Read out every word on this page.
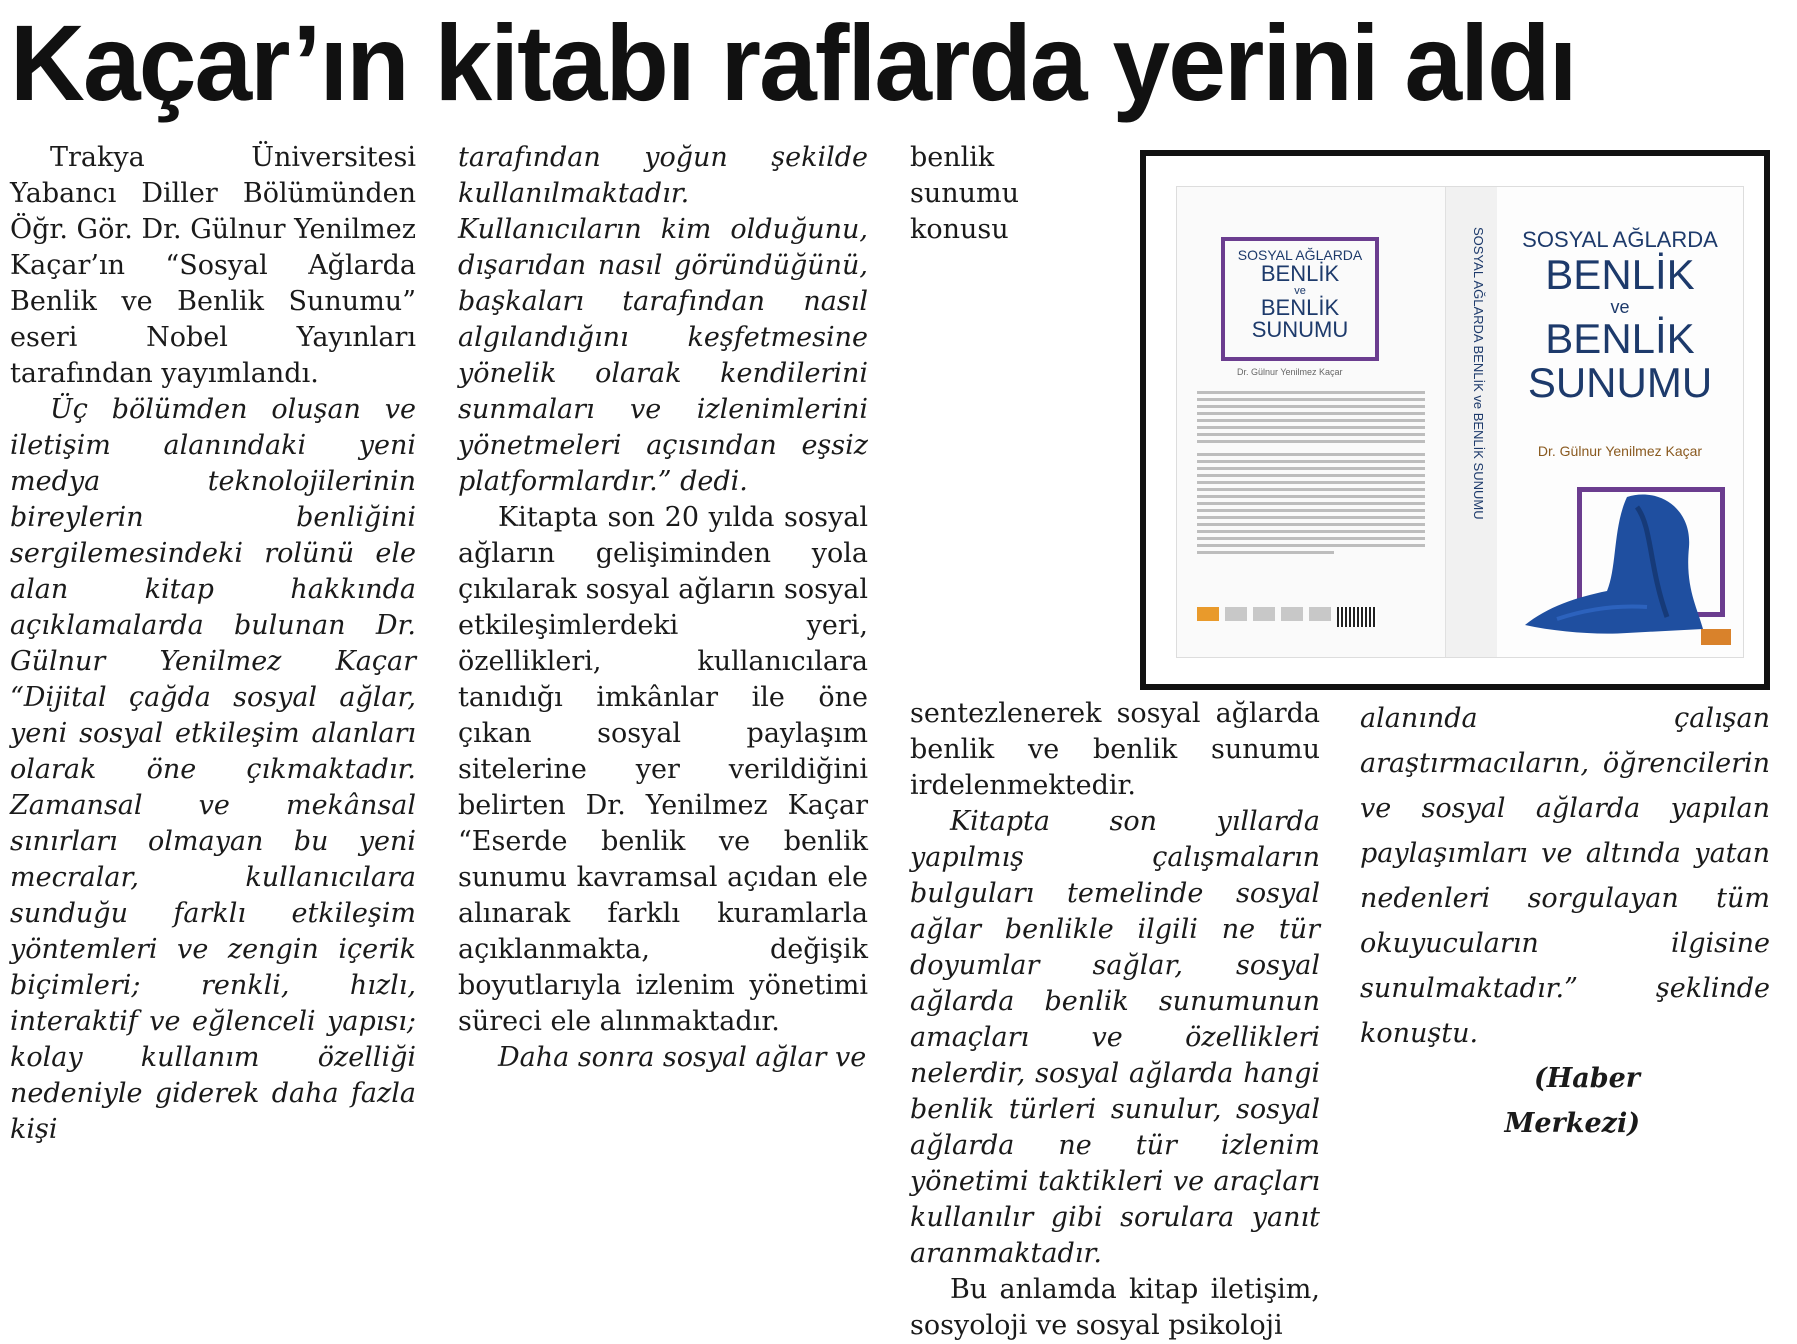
Kaçar’ın kitabı raflarda yerini aldı

Trakya Üniversitesi Yabancı Diller Bölümünden Öğr. Gör. Dr. Gülnur Yenilmez Kaçar’ın “Sosyal Ağlarda Benlik ve Benlik Sunumu” eseri Nobel Yayınları tarafından yayımlandı.

Üç bölümden oluşan ve iletişim alanındaki yeni medya teknolojilerinin bireylerin benliğini sergilemesindeki rolünü ele alan kitap hakkında açıklamalarda bulunan Dr. Gülnur Yenilmez Kaçar “Dijital çağda sosyal ağlar, yeni sosyal etkileşim alanları olarak öne çıkmaktadır. Zamansal ve mekânsal sınırları olmayan bu yeni mecralar, kullanıcılara sunduğu farklı etkileşim yöntemleri ve zengin içerik biçimleri; renkli, hızlı, interaktif ve eğlenceli yapısı; kolay kullanım özelliği nedeniyle giderek daha fazla kişi

tarafından yoğun şekilde kullanılmaktadır. Kullanıcıların kim olduğunu, dışarıdan nasıl göründüğünü, başkaları tarafından nasıl algılandığını keşfetmesine yönelik olarak kendilerini sunmaları ve izlenimlerini yönetmeleri açısından eşsiz platformlardır.” dedi.

Kitapta son 20 yılda sosyal ağların gelişiminden yola çıkılarak sosyal ağların sosyal etkileşimlerdeki yeri, özellikleri, kullanıcılara tanıdığı imkânlar ile öne çıkan sosyal paylaşım sitelerine yer verildiğini belirten Dr. Yenilmez Kaçar “Eserde benlik ve benlik sunumu kavramsal açıdan ele alınarak farklı kuramlarla açıklanmakta, değişik boyutlarıyla izlenim yönetimi süreci ele alınmaktadır.

Daha sonra sosyal ağlar ve

benlik sunumu konusu sentezlenerek sosyal ağlarda benlik ve benlik sunumu irdelenmektedir.

Kitapta son yıllarda yapılmış çalışmaların bulguları temelinde sosyal ağlar benlikle ilgili ne tür doyumlar sağlar, sosyal ağlarda benlik sunumunun amaçları ve özellikleri nelerdir, sosyal ağlarda hangi benlik türleri sunulur, sosyal ağlarda ne tür izlenim yönetimi taktikleri ve araçları kullanılır gibi sorulara yanıt aranmaktadır.

Bu anlamda kitap iletişim, sosyoloji ve sosyal psikoloji

alanında çalışan araştırmacıların, öğrencilerin ve sosyal ağlarda yapılan paylaşımları ve altında yatan nedenleri sorgulayan tüm okuyucuların ilgisine sunulmaktadır.” şeklinde konuştu.

(Haber Merkezi)

SOSYAL AĞLARDA
BENLİK
ve
BENLİK
SUNUMU
Dr. Gülnur Yenilmez Kaçar	SOSYAL AĞLARDA BENLİK ve BENLİK SUNUMU	SOSYAL AĞLARDA
BENLİK
ve
BENLİK
SUNUMU
Dr. Gülnur Yenilmez Kaçar
